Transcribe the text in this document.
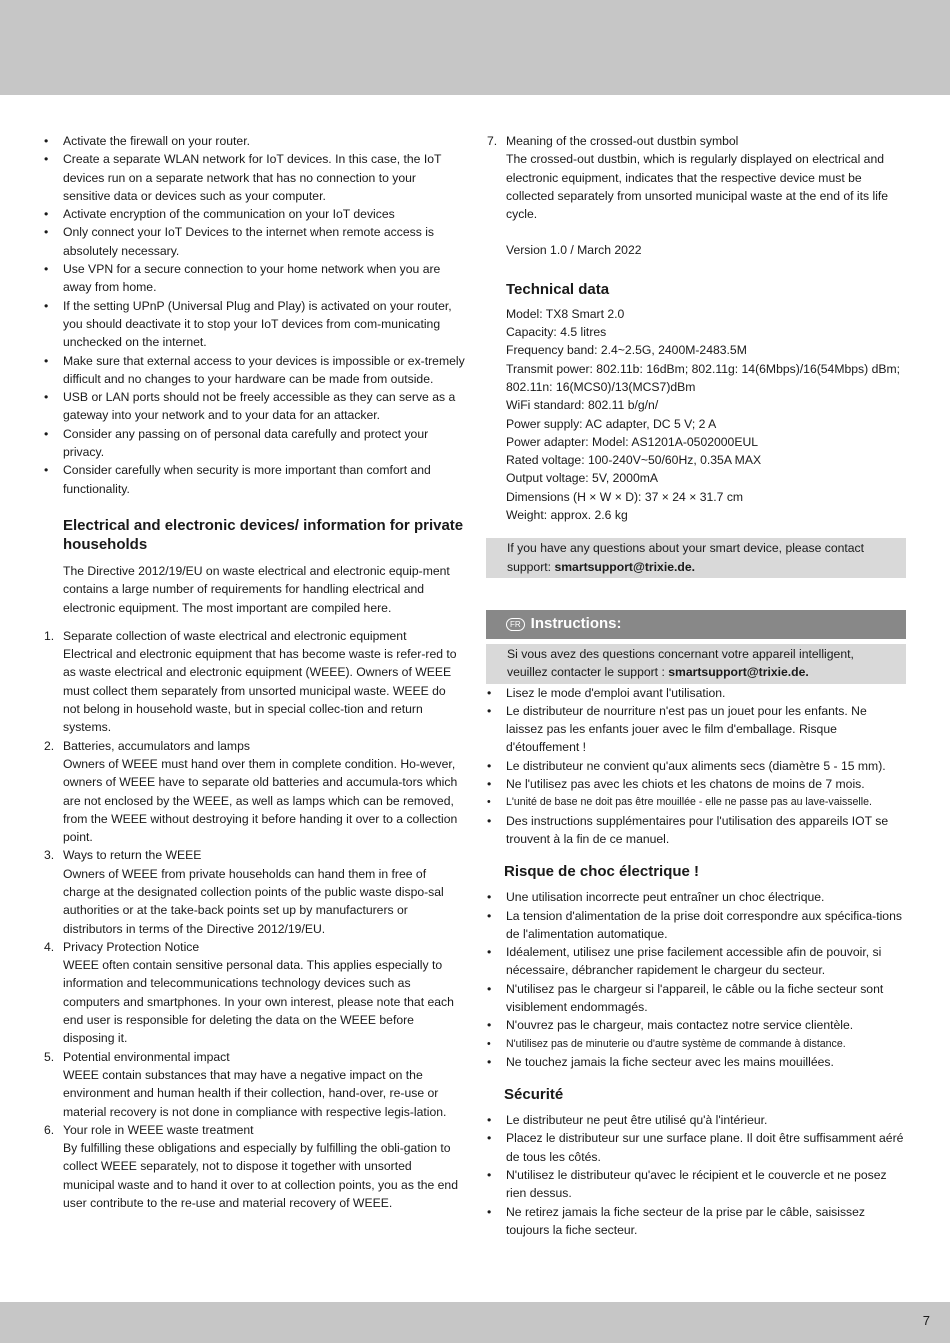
• Activate the firewall on your router.
• Create a separate WLAN network for IoT devices. In this case, the IoT devices run on a separate network that has no connection to your sensitive data or devices such as your computer.
• Activate encryption of the communication on your IoT devices
• Only connect your IoT Devices to the internet when remote access is absolutely necessary.
• Use VPN for a secure connection to your home network when you are away from home.
• If the setting UPnP (Universal Plug and Play) is activated on your router, you should deactivate it to stop your IoT devices from com-municating unchecked on the internet.
• Make sure that external access to your devices is impossible or ex-tremely difficult and no changes to your hardware can be made from outside.
• USB or LAN ports should not be freely accessible as they can serve as a gateway into your network and to your data for an attacker.
• Consider any passing on of personal data carefully and protect your privacy.
• Consider carefully when security is more important than comfort and functionality.
Electrical and electronic devices/ information for private households

The Directive 2012/19/EU on waste electrical and electronic equip-ment contains a large number of requirements for handling electrical and electronic equipment. The most important are compiled here.

1. Separate collection of waste electrical and electronic equipment
Electrical and electronic equipment that has become waste is refer-red to as waste electrical and electronic equipment (WEEE). Owners of WEEE must collect them separately from unsorted municipal waste. WEEE do not belong in household waste, but in special collec-tion and return systems.
2. Batteries, accumulators and lamps
Owners of WEEE must hand over them in complete condition. Ho-wever, owners of WEEE have to separate old batteries and accumula-tors which are not enclosed by the WEEE, as well as lamps which can be removed, from the WEEE without destroying it before handing it over to a collection point.
3. Ways to return the WEEE
Owners of WEEE from private households can hand them in free of charge at the designated collection points of the public waste dispo-sal authorities or at the take-back points set up by manufacturers or distributors in terms of the Directive 2012/19/EU.
4. Privacy Protection Notice
WEEE often contain sensitive personal data. This applies especially to information and telecommunications technology devices such as computers and smartphones. In your own interest, please note that each end user is responsible for deleting the data on the WEEE before disposing it.
5. Potential environmental impact
WEEE contain substances that may have a negative impact on the environment and human health if their collection, hand-over, re-use or material recovery is not done in compliance with respective legis-lation.
6. Your role in WEEE waste treatment
By fulfilling these obligations and especially by fulfilling the obli-gation to collect WEEE separately, not to dispose it together with unsorted municipal waste and to hand it over to at collection points, you as the end user contribute to the re-use and material recovery of WEEE.
7. Meaning of the crossed-out dustbin symbol
The crossed-out dustbin, which is regularly displayed on electrical and electronic equipment, indicates that the respective device must be collected separately from unsorted municipal waste at the end of its life cycle.

Version 1.0 / March 2022

Technical data
Model: TX8 Smart 2.0
Capacity: 4.5 litres
Frequency band: 2.4~2.5G, 2400M-2483.5M
Transmit power: 802.11b: 16dBm; 802.11g: 14(6Mbps)/16(54Mbps) dBm; 802.11n: 16(MCS0)/13(MCS7)dBm
WiFi standard: 802.11 b/g/n/
Power supply: AC adapter, DC 5 V; 2 A
Power adapter: Model: AS1201A-0502000EUL
Rated voltage: 100-240V~50/60Hz, 0.35A MAX
Output voltage: 5V, 2000mA
Dimensions (H × W × D): 37 × 24 × 31.7 cm
Weight: approx. 2.6 kg
If you have any questions about your smart device, please contact support: smartsupport@trixie.de.
FR Instructions:
Si vous avez des questions concernant votre appareil intelligent, veuillez contacter le support : smartsupport@trixie.de.
• Lisez le mode d'emploi avant l'utilisation.
• Le distributeur de nourriture n'est pas un jouet pour les enfants. Ne laissez pas les enfants jouer avec le film d'emballage. Risque d'étouffement !
• Le distributeur ne convient qu'aux aliments secs (diamètre 5 - 15 mm).
• Ne l'utilisez pas avec les chiots et les chatons de moins de 7 mois.
• L'unité de base ne doit pas être mouillée - elle ne passe pas au lave-vaisselle.
• Des instructions supplémentaires pour l'utilisation des appareils IOT se trouvent à la fin de ce manuel.
Risque de choc électrique !
• Une utilisation incorrecte peut entraîner un choc électrique.
• La tension d'alimentation de la prise doit correspondre aux spécifica-tions de l'alimentation automatique.
• Idéalement, utilisez une prise facilement accessible afin de pouvoir, si nécessaire, débrancher rapidement le chargeur du secteur.
• N'utilisez pas le chargeur si l'appareil, le câble ou la fiche secteur sont visiblement endommagés.
• N'ouvrez pas le chargeur, mais contactez notre service clientèle.
• N'utilisez pas de minuterie ou d'autre système de commande à distance.
• Ne touchez jamais la fiche secteur avec les mains mouillées.
Sécurité
• Le distributeur ne peut être utilisé qu'à l'intérieur.
• Placez le distributeur sur une surface plane. Il doit être suffisamment aéré de tous les côtés.
• N'utilisez le distributeur qu'avec le récipient et le couvercle et ne posez rien dessus.
• Ne retirez jamais la fiche secteur de la prise par le câble, saisissez toujours la fiche secteur.
7
